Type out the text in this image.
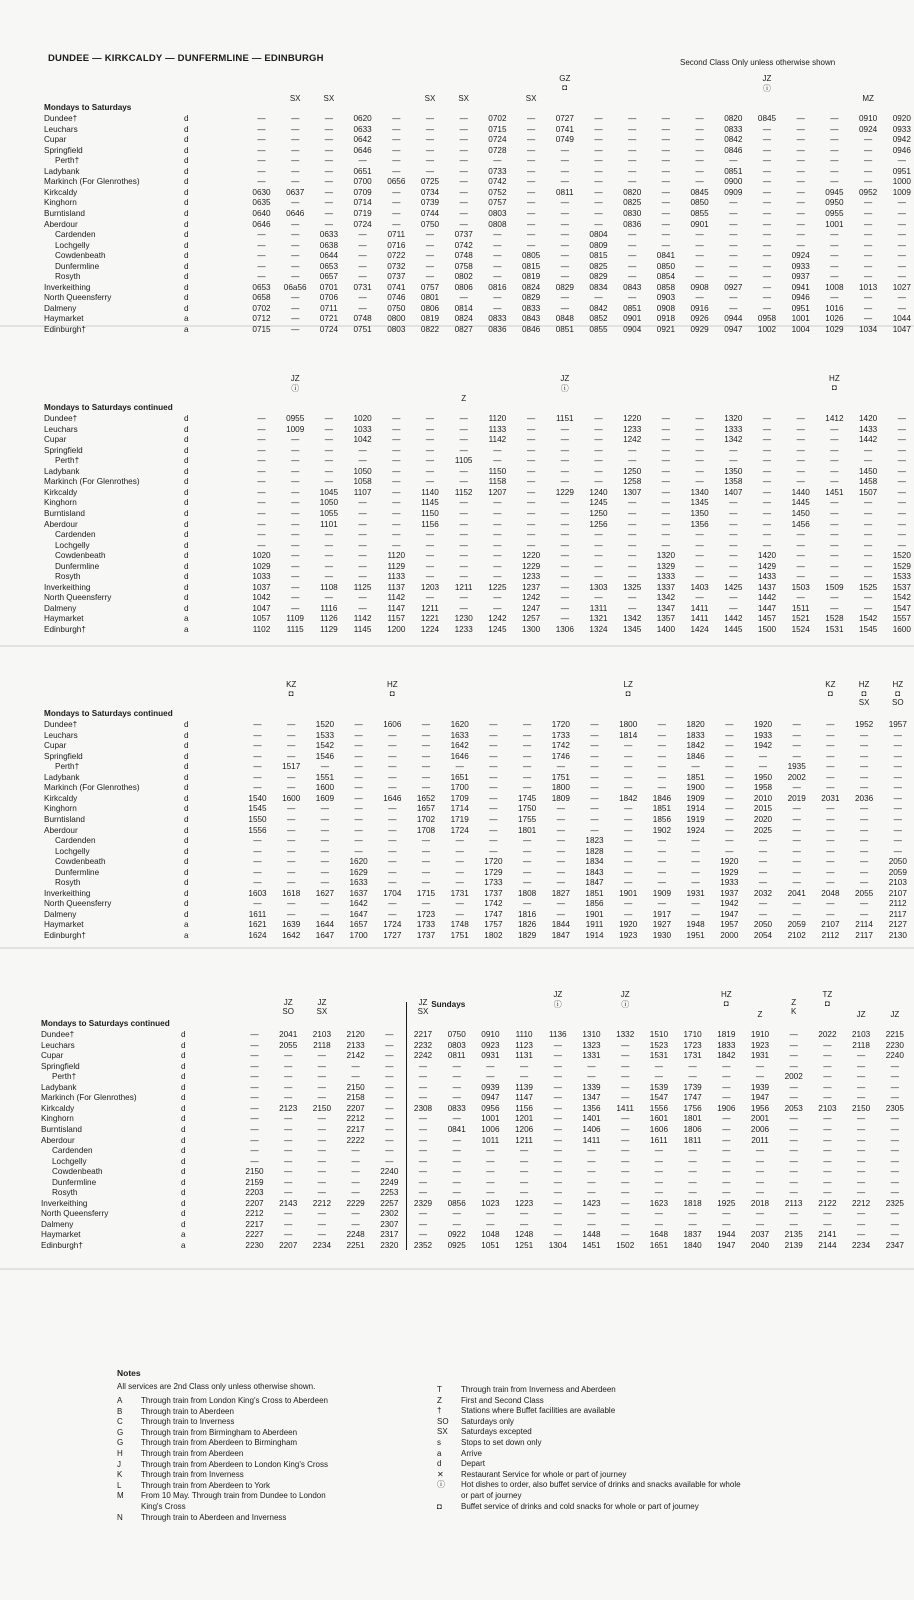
DUNDEE — KIRKCALDY — DUNFERMLINE — EDINBURGH	Second Class Only unless otherwise shown
Mondays to Saturdays
SX	SX	SX	SX	SX
GZ
◘
JZ
ⓘ
MZ
Dundee†	d	—	—	—	0620	—	—	—	0702	—	0727	—	—	—	—	0820	0845	—	—	0910	0920
Leuchars	d	—	—	—	0633	—	—	—	0715	—	0741	—	—	—	—	0833	—	—	—	0924	0933
Cupar	d	—	—	—	0642	—	—	—	0724	—	0749	—	—	—	—	0842	—	—	—	—	0942
Springfield	d	—	—	—	0646	—	—	—	0728	—	—	—	—	—	—	0846	—	—	—	—	0946
Perth†	d	—	—	—	—	—	—	—	—	—	—	—	—	—	—	—	—	—	—	—	—
Ladybank	d	—	—	—	0651	—	—	—	0733	—	—	—	—	—	—	0851	—	—	—	—	0951
Markinch (For Glenrothes)	d	—	—	—	0700	0656	0725	—	0742	—	—	—	—	—	—	0900	—	—	—	—	1000
Kirkcaldy	d	0630	0637	—	0709	—	0734	—	0752	—	0811	—	0820	—	0845	0909	—	—	0945	0952	1009
Kinghorn	d	0635	—	—	0714	—	0739	—	0757	—	—	—	0825	—	0850	—	—	—	0950	—	—
Burntisland	d	0640	0646	—	0719	—	0744	—	0803	—	—	—	0830	—	0855	—	—	—	0955	—	—
Aberdour	d	0646	—	—	0724	—	0750	—	0808	—	—	—	0836	—	0901	—	—	—	1001	—	—
Cardenden	d	—	—	0633	—	0711	—	0737	—	—	—	0804	—	—	—	—	—	—	—	—	—
Lochgelly	d	—	—	0638	—	0716	—	0742	—	—	—	0809	—	—	—	—	—	—	—	—	—
Cowdenbeath	d	—	—	0644	—	0722	—	0748	—	0805	—	0815	—	0841	—	—	—	0924	—	—	—
Dunfermline	d	—	—	0653	—	0732	—	0758	—	0815	—	0825	—	0850	—	—	—	0933	—	—	—
Rosyth	d	—	—	0657	—	0737	—	0802	—	0819	—	0829	—	0854	—	—	—	0937	—	—	—
Inverkeithing	d	0653	06a56	0701	0731	0741	0757	0806	0816	0824	0829	0834	0843	0858	0908	0927	—	0941	1008	1013	1027
North Queensferry	d	0658	—	0706	—	0746	0801	—	—	0829	—	—	—	0903	—	—	—	0946	—	—	—
Dalmeny	d	0702	—	0711	—	0750	0806	0814	—	0833	—	0842	0851	0908	0916	—	—	0951	1016	—	—
Haymarket	a	0712	—	0721	0748	0800	0819	0824	0833	0843	0848	0852	0901	0918	0926	0944	0958	1001	1026	—	1044
Edinburgh†	a	0715	—	0724	0751	0803	0822	0827	0836	0846	0851	0855	0904	0921	0929	0947	1002	1004	1029	1034	1047
Mondays to Saturdays continued
JZ
ⓘ
Z
JZ
ⓘ
HZ
◘
Dundee†	d	—	0955	—	1020	—	—	—	1120	—	1151	—	1220	—	—	1320	—	—	1412	1420	—
Leuchars	d	—	1009	—	1033	—	—	—	1133	—	—	—	1233	—	—	1333	—	—	—	1433	—
Cupar	d	—	—	—	1042	—	—	—	1142	—	—	—	1242	—	—	1342	—	—	—	1442	—
Springfield	d	—	—	—	—	—	—	—	—	—	—	—	—	—	—	—	—	—	—	—	—
Perth†	d	—	—	—	—	—	—	1105	—	—	—	—	—	—	—	—	—	—	—	—	—
Ladybank	d	—	—	—	1050	—	—	—	1150	—	—	—	1250	—	—	1350	—	—	—	1450	—
Markinch (For Glenrothes)	d	—	—	—	1058	—	—	—	1158	—	—	—	1258	—	—	1358	—	—	—	1458	—
Kirkcaldy	d	—	—	1045	1107	—	1140	1152	1207	—	1229	1240	1307	—	1340	1407	—	1440	1451	1507	—
Kinghorn	d	—	—	1050	—	—	1145	—	—	—	—	1245	—	—	1345	—	—	1445	—	—	—
Burntisland	d	—	—	1055	—	—	1150	—	—	—	—	1250	—	—	1350	—	—	1450	—	—	—
Aberdour	d	—	—	1101	—	—	1156	—	—	—	—	1256	—	—	1356	—	—	1456	—	—	—
Cardenden	d	—	—	—	—	—	—	—	—	—	—	—	—	—	—	—	—	—	—	—	—
Lochgelly	d	—	—	—	—	—	—	—	—	—	—	—	—	—	—	—	—	—	—	—	—
Cowdenbeath	d	1020	—	—	—	1120	—	—	—	1220	—	—	—	1320	—	—	1420	—	—	—	1520
Dunfermline	d	1029	—	—	—	1129	—	—	—	1229	—	—	—	1329	—	—	1429	—	—	—	1529
Rosyth	d	1033	—	—	—	1133	—	—	—	1233	—	—	—	1333	—	—	1433	—	—	—	1533
Inverkeithing	d	1037	—	1108	1125	1137	1203	1211	1225	1237	—	1303	1325	1337	1403	1425	1437	1503	1509	1525	1537
North Queensferry	d	1042	—	—	—	1142	—	—	—	1242	—	—	—	1342	—	—	1442	—	—	—	1542
Dalmeny	d	1047	—	1116	—	1147	1211	—	—	1247	—	1311	—	1347	1411	—	1447	1511	—	—	1547
Haymarket	a	1057	1109	1126	1142	1157	1221	1230	1242	1257	—	1321	1342	1357	1411	1442	1457	1521	1528	1542	1557
Edinburgh†	a	1102	1115	1129	1145	1200	1224	1233	1245	1300	1306	1324	1345	1400	1424	1445	1500	1524	1531	1545	1600
Mondays to Saturdays continued
KZ
◘
HZ
◘
LZ
◘
KZ
◘
HZ
◘
SX
HZ
◘
SO
Dundee†	d	—	—	1520	—	1606	—	1620	—	—	1720	—	1800	—	1820	—	1920	—	—	1952	1957
Leuchars	d	—	—	1533	—	—	—	1633	—	—	1733	—	1814	—	1833	—	1933	—	—	—	—
Cupar	d	—	—	1542	—	—	—	1642	—	—	1742	—	—	—	1842	—	1942	—	—	—	—
Springfield	d	—	—	1546	—	—	—	1646	—	—	1746	—	—	—	1846	—	—	—	—	—	—
Perth†	d	—	1517	—	—	—	—	—	—	—	—	—	—	—	—	—	—	1935	—	—	—
Ladybank	d	—	—	1551	—	—	—	1651	—	—	1751	—	—	—	1851	—	1950	2002	—	—	—
Markinch (For Glenrothes)	d	—	—	1600	—	—	—	1700	—	—	1800	—	—	—	1900	—	1958	—	—	—	—
Kirkcaldy	d	1540	1600	1609	—	1646	1652	1709	—	1745	1809	—	1842	1846	1909	—	2010	2019	2031	2036	—
Kinghorn	d	1545	—	—	—	—	1657	1714	—	1750	—	—	—	1851	1914	—	2015	—	—	—	—
Burntisland	d	1550	—	—	—	—	1702	1719	—	1755	—	—	—	1856	1919	—	2020	—	—	—	—
Aberdour	d	1556	—	—	—	—	1708	1724	—	1801	—	—	—	1902	1924	—	2025	—	—	—	—
Cardenden	d	—	—	—	—	—	—	—	—	—	—	1823	—	—	—	—	—	—	—	—	—
Lochgelly	d	—	—	—	—	—	—	—	—	—	—	1828	—	—	—	—	—	—	—	—	—
Cowdenbeath	d	—	—	—	1620	—	—	—	1720	—	—	1834	—	—	—	1920	—	—	—	—	2050
Dunfermline	d	—	—	—	1629	—	—	—	1729	—	—	1843	—	—	—	1929	—	—	—	—	2059
Rosyth	d	—	—	—	1633	—	—	—	1733	—	—	1847	—	—	—	1933	—	—	—	—	2103
Inverkeithing	d	1603	1618	1627	1637	1704	1715	1731	1737	1808	1827	1851	1901	1909	1931	1937	2032	2041	2048	2055	2107
North Queensferry	d	—	—	—	1642	—	—	—	1742	—	—	1856	—	—	—	1942	—	—	—	—	2112
Dalmeny	d	1611	—	—	1647	—	1723	—	1747	1816	—	1901	—	1917	—	1947	—	—	—	—	2117
Haymarket	a	1621	1639	1644	1657	1724	1733	1748	1757	1826	1844	1911	1920	1927	1948	1957	2050	2059	2107	2114	2127
Edinburgh†	a	1624	1642	1647	1700	1727	1737	1751	1802	1829	1847	1914	1923	1930	1951	2000	2054	2102	2112	2117	2130
Mondays to Saturdays continued
Sundays
JZ
SO
JZ
SX
JZ
SX
JZ
ⓘ
JZ
ⓘ
HZ
◘
Z
Z
K
TZ
◘
JZ	JZ
Dundee†	d	—	2041	2103	2120	—	2217	0750	0910	1110	1136	1310	1332	1510	1710	1819	1910	—	2022	2103	2215
Leuchars	d	—	2055	2118	2133	—	2232	0803	0923	1123	—	1323	—	1523	1723	1833	1923	—	—	2118	2230
Cupar	d	—	—	—	2142	—	2242	0811	0931	1131	—	1331	—	1531	1731	1842	1931	—	—	—	2240
Springfield	d	—	—	—	—	—	—	—	—	—	—	—	—	—	—	—	—	—	—	—	—
Perth†	d	—	—	—	—	—	—	—	—	—	—	—	—	—	—	—	—	2002	—	—	—
Ladybank	d	—	—	—	2150	—	—	—	0939	1139	—	1339	—	1539	1739	—	1939	—	—	—	—
Markinch (For Glenrothes)	d	—	—	—	2158	—	—	—	0947	1147	—	1347	—	1547	1747	—	1947	—	—	—	—
Kirkcaldy	d	—	2123	2150	2207	—	2308	0833	0956	1156	—	1356	1411	1556	1756	1906	1956	2053	2103	2150	2305
Kinghorn	d	—	—	—	2212	—	—	—	1001	1201	—	1401	—	1601	1801	—	2001	—	—	—	—
Burntisland	d	—	—	—	2217	—	—	0841	1006	1206	—	1406	—	1606	1806	—	2006	—	—	—	—
Aberdour	d	—	—	—	2222	—	—	—	1011	1211	—	1411	—	1611	1811	—	2011	—	—	—	—
Cardenden	d	—	—	—	—	—	—	—	—	—	—	—	—	—	—	—	—	—	—	—	—
Lochgelly	d	—	—	—	—	—	—	—	—	—	—	—	—	—	—	—	—	—	—	—	—
Cowdenbeath	d	2150	—	—	—	2240	—	—	—	—	—	—	—	—	—	—	—	—	—	—	—
Dunfermline	d	2159	—	—	—	2249	—	—	—	—	—	—	—	—	—	—	—	—	—	—	—
Rosyth	d	2203	—	—	—	2253	—	—	—	—	—	—	—	—	—	—	—	—	—	—	—
Inverkeithing	d	2207	2143	2212	2229	2257	2329	0856	1023	1223	—	1423	—	1623	1818	1925	2018	2113	2122	2212	2325
North Queensferry	d	2212	—	—	—	2302	—	—	—	—	—	—	—	—	—	—	—	—	—	—	—
Dalmeny	d	2217	—	—	—	2307	—	—	—	—	—	—	—	—	—	—	—	—	—	—	—
Haymarket	a	2227	—	—	2248	2317	—	0922	1048	1248	—	1448	—	1648	1837	1944	2037	2135	2141	—	—
Edinburgh†	a	2230	2207	2234	2251	2320	2352	0925	1051	1251	1304	1451	1502	1651	1840	1947	2040	2139	2144	2234	2347
Notes
All services are 2nd Class only unless otherwise shown.
A Through train from London King's Cross to Aberdeen
B Through train to Aberdeen
C Through train to Inverness
G Through train from Birmingham to Aberdeen
G Through train from Aberdeen to Birmingham
H Through train from Aberdeen
J	Through train from Aberdeen to London King's Cross
K Through train from Inverness
L Through train from Aberdeen to York
M From 10 May. Through train from Dundee to London
King's Cross
N Through train to Aberdeen and Inverness
T Through train from Inverness and Aberdeen
Z First and Second Class
† Stations where Buffet facilities are available
SO Saturdays only
SX Saturdays excepted
s	Stops to set down only
a Arrive
d Depart
✕ Restaurant Service for whole or part of journey
ⓘ Hot dishes to order, also buffet service of drinks and snacks available for whole
or part of journey
◘ Buffet service of drinks and cold snacks for whole or part of journey
